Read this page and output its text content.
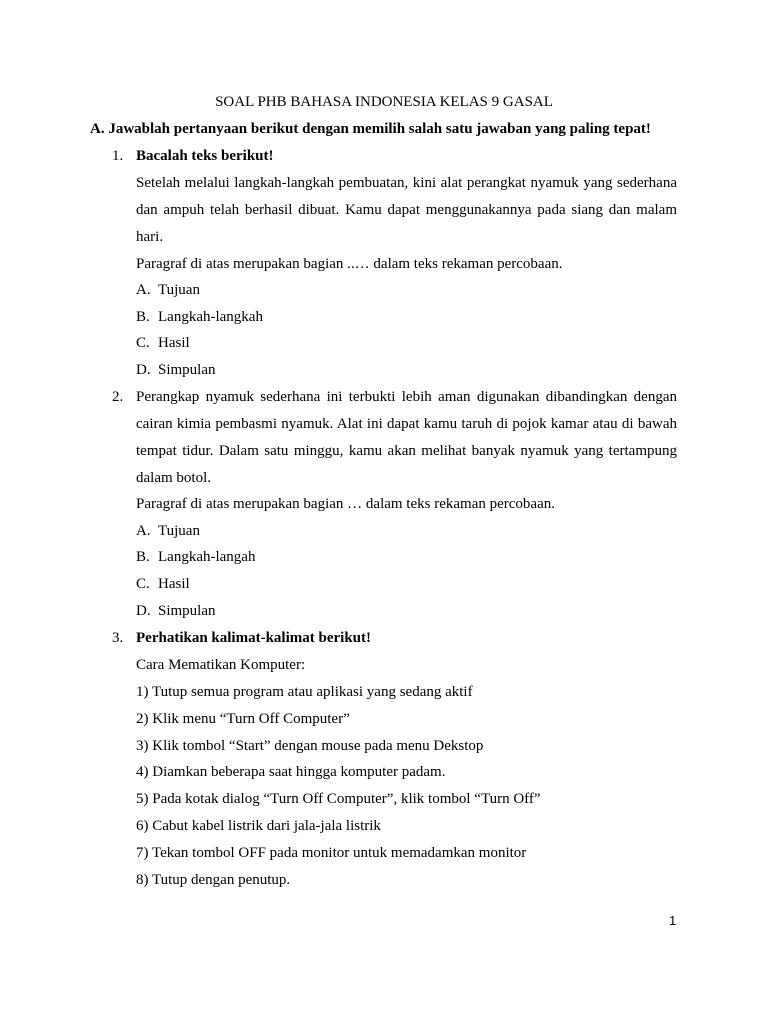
SOAL PHB BAHASA INDONESIA KELAS 9 GASAL
A. Jawablah pertanyaan berikut dengan memilih salah satu jawaban yang paling tepat!
1. Bacalah teks berikut!
Setelah melalui langkah-langkah pembuatan, kini alat perangkat nyamuk yang sederhana
dan ampuh telah berhasil dibuat. Kamu dapat menggunakannya pada siang dan malam
hari.
Paragraf di atas merupakan bagian ..… dalam teks rekaman percobaan.
A. Tujuan
B. Langkah-langkah
C. Hasil
D. Simpulan
2. Perangkap nyamuk sederhana ini terbukti lebih aman digunakan dibandingkan dengan
cairan kimia pembasmi nyamuk. Alat ini dapat kamu taruh di pojok kamar atau di bawah
tempat tidur. Dalam satu minggu, kamu akan melihat banyak nyamuk yang tertampung
dalam botol.
Paragraf di atas merupakan bagian … dalam teks rekaman percobaan.
A. Tujuan
B. Langkah-langah
C. Hasil
D. Simpulan
3. Perhatikan kalimat-kalimat berikut!
Cara Mematikan Komputer:
1) Tutup semua program atau aplikasi yang sedang aktif
2) Klik menu “Turn Off Computer”
3) Klik tombol “Start” dengan mouse pada menu Dekstop
4) Diamkan beberapa saat hingga komputer padam.
5) Pada kotak dialog “Turn Off Computer”, klik tombol “Turn Off”
6) Cabut kabel listrik dari jala-jala listrik
7) Tekan tombol OFF pada monitor untuk memadamkan monitor
8) Tutup dengan penutup.
1
